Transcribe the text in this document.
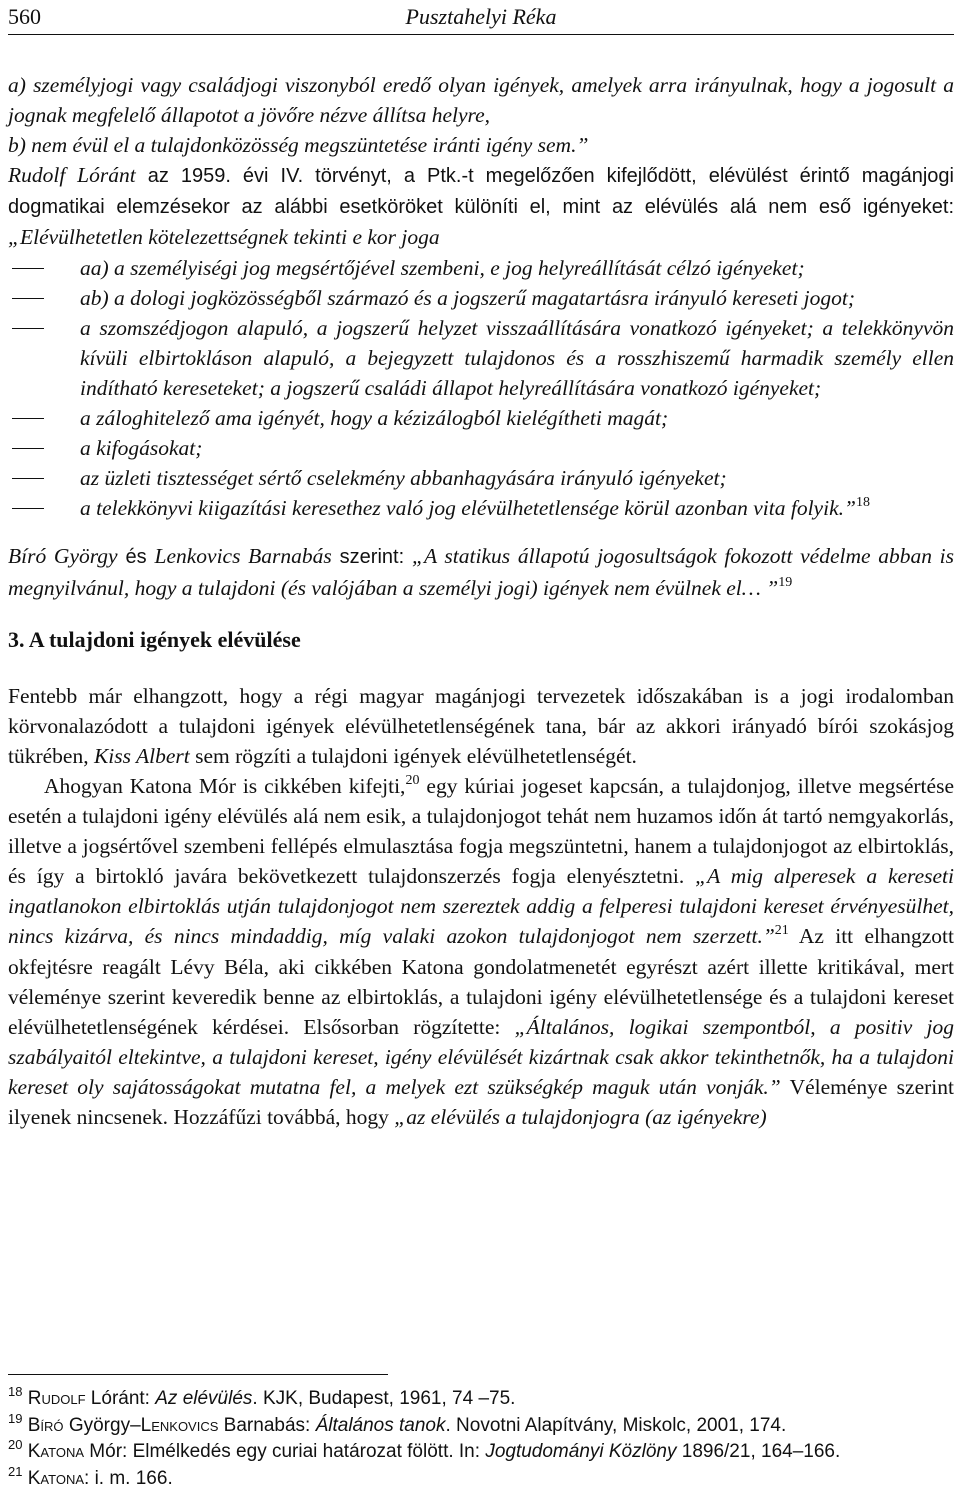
560	Pusztahelyi Réka

a) személyjogi vagy családjogi viszonyból eredő olyan igények, amelyek arra irányulnak, hogy a jogosult a jognak megfelelő állapotot a jövőre nézve állítsa helyre,

b) nem évül el a tulajdonközösség megszüntetése iránti igény sem.”

Rudolf Lóránt az 1959. évi IV. törvényt, a Ptk.-t megelőzően kifejlődött, elévülést érintő magánjogi dogmatikai elemzésekor az alábbi esetköröket különíti el, mint az elévülés alá nem eső igényeket: „Elévülhetetlen kötelezettségnek tekinti e kor joga

aa) a személyiségi jog megsértőjével szembeni, e jog helyreállítását célzó igényeket;
ab) a dologi jogközösségből származó és a jogszerű magatartásra irányuló kereseti jogot;
a szomszédjogon alapuló, a jogszerű helyzet visszaállítására vonatkozó igényeket; a telekkönyvön kívüli elbirtokláson alapuló, a bejegyzett tulajdonos és a rosszhiszemű harmadik személy ellen indítható kereseteket; a jogszerű családi állapot helyreállítására vonatkozó igényeket;
a záloghitelező ama igényét, hogy a kézizálogból kielégítheti magát;
a kifogásokat;
az üzleti tisztességet sértő cselekmény abbanhagyására irányuló igényeket;
a telekkönyvi kiigazítási keresethez való jog elévülhetetlensége körül azonban vita folyik.”$^{18}$

Bíró György és Lenkovics Barnabás szerint: „A statikus állapotú jogosultságok fokozott védelme abban is megnyilvánul, hogy a tulajdoni (és valójában a személyi jogi) igények nem évülnek el… ”$^{19}$

3. A tulajdoni igények elévülése

Fentebb már elhangzott, hogy a régi magyar magánjogi tervezetek időszakában is a jogi irodalomban körvonalazódott a tulajdoni igények elévülhetetlenségének tana, bár az akkori irányadó bírói szokásjog tükrében, Kiss Albert sem rögzíti a tulajdoni igények elévülhetetlenségét.

Ahogyan Katona Mór is cikkében kifejti,$^{20}$ egy kúriai jogeset kapcsán, a tulajdonjog, illetve megsértése esetén a tulajdoni igény elévülés alá nem esik, a tulajdonjogot tehát nem huzamos időn át tartó nemgyakorlás, illetve a jogsértővel szembeni fellépés elmulasztása fogja megszüntetni, hanem a tulajdonjogot az elbirtoklás, és így a birtokló javára bekövetkezett tulajdonszerzés fogja elenyésztetni. „A mig alperesek a kereseti ingatlanokon elbirtoklás utján tulajdonjogot nem szereztek addig a felperesi tulajdoni kereset érvényesülhet, nincs kizárva, és nincs mindaddig, míg valaki azokon tulajdonjogot nem szerzett.”$^{21}$ Az itt elhangzott okfejtésre reagált Lévy Béla, aki cikkében Katona gondolatmenetét egyrészt azért illette kritikával, mert véleménye szerint keveredik benne az elbirtoklás, a tulajdoni igény elévülhetetlensége és a tulajdoni kereset elévülhetetlenségének kérdései. Elsősorban rögzítette: „Általános, logikai szempontból, a positiv jog szabályaitól eltekintve, a tulajdoni kereset, igény elévülését kizártnak csak akkor tekinthetnők, ha a tulajdoni kereset oly sajátosságokat mutatna fel, a melyek ezt szükségkép maguk után vonják.” Véleménye szerint ilyenek nincsenek. Hozzáfűzi továbbá, hogy „az elévülés a tulajdonjogra (az igényekre)

$^{18}$ Rudolf Lóránt: Az elévülés. KJK, Budapest, 1961, 74 –75.
$^{19}$ Bíró György–Lenkovics Barnabás: Általános tanok. Novotni Alapítvány, Miskolc, 2001, 174.
$^{20}$ Katona Mór: Elmélkedés egy curiai határozat fölött. In: Jogtudományi Közlöny 1896/21, 164–166.
$^{21}$ Katona: i. m. 166.
